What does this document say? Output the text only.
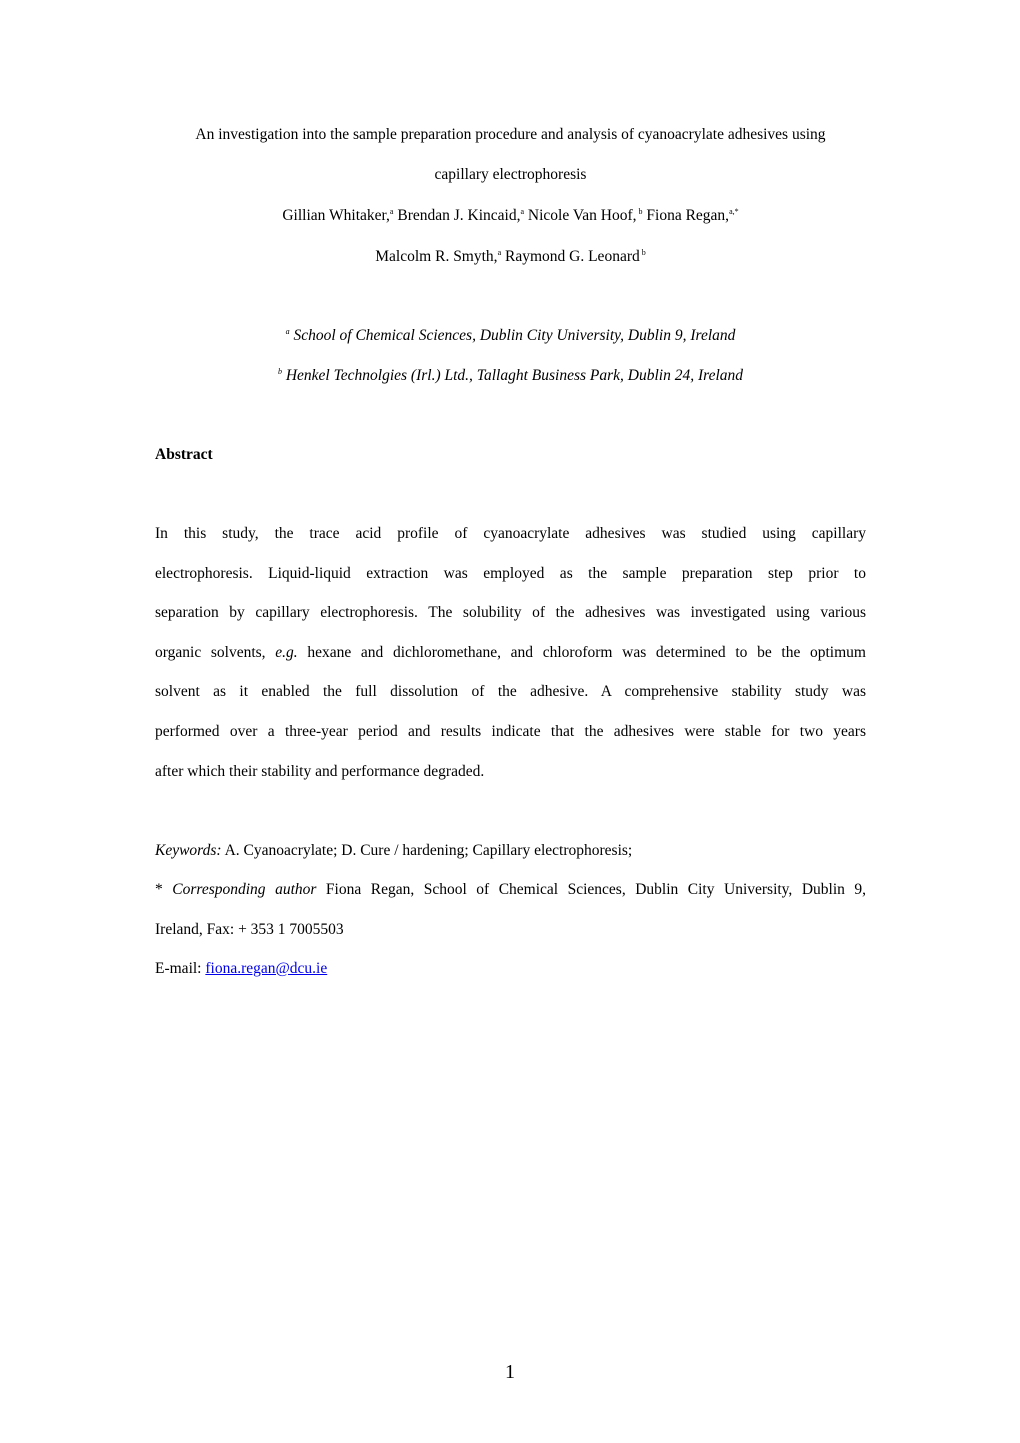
An investigation into the sample preparation procedure and analysis of cyanoacrylate adhesives using
capillary electrophoresis
Gillian Whitaker,$^a$ Brendan J. Kincaid,$^a$ Nicole Van Hoof, $^b$ Fiona Regan,$^{a,*}$
Malcolm R. Smyth,$^a$ Raymond G. Leonard $^b$
$^a$ School of Chemical Sciences, Dublin City University, Dublin 9, Ireland
$^b$ Henkel Technolgies (Irl.) Ltd., Tallaght Business Park, Dublin 24, Ireland
Abstract
In this study, the trace acid profile of cyanoacrylate adhesives was studied using capillary
electrophoresis. Liquid-liquid extraction was employed as the sample preparation step prior to
separation by capillary electrophoresis. The solubility of the adhesives was investigated using various
organic solvents, e.g. hexane and dichloromethane, and chloroform was determined to be the optimum
solvent as it enabled the full dissolution of the adhesive. A comprehensive stability study was
performed over a three-year period and results indicate that the adhesives were stable for two years
after which their stability and performance degraded.
Keywords: A. Cyanoacrylate; D. Cure / hardening; Capillary electrophoresis;
* Corresponding author Fiona Regan, School of Chemical Sciences, Dublin City University, Dublin 9,
Ireland, Fax: + 353 1 7005503
E-mail: fiona.regan@dcu.ie
1
